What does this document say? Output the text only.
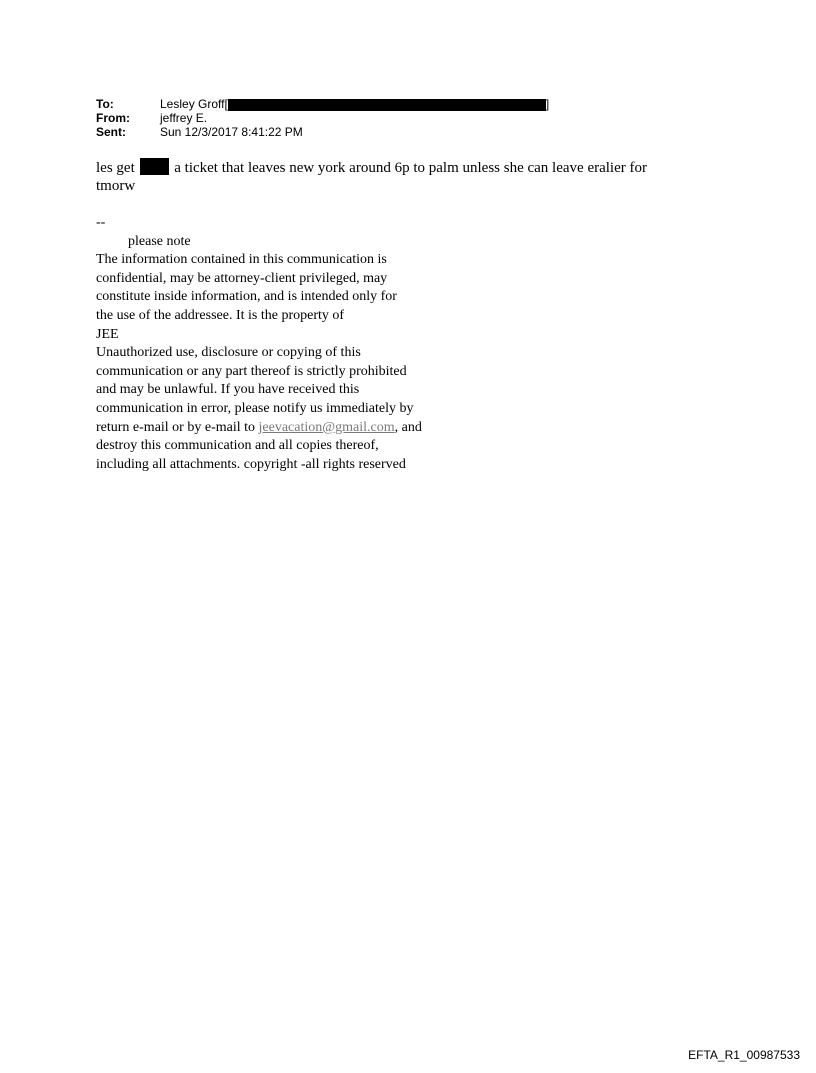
To:	Lesley Groff[	]
From:	jeffrey E.
Sent:	Sun 12/3/2017 8:41:22 PM
les get	a ticket that leaves new york around 6p to palm unless she can leave eralier for
tmorw
--
please note
The information contained in this communication is
confidential, may be attorney-client privileged, may
constitute inside information, and is intended only for
the use of the addressee. It is the property of
JEE
Unauthorized use, disclosure or copying of this
communication or any part thereof is strictly prohibited
and may be unlawful. If you have received this
communication in error, please notify us immediately by
return e-mail or by e-mail to jeevacation@gmail.com, and
destroy this communication and all copies thereof,
including all attachments. copyright -all rights reserved
EFTA_R1_00987533
